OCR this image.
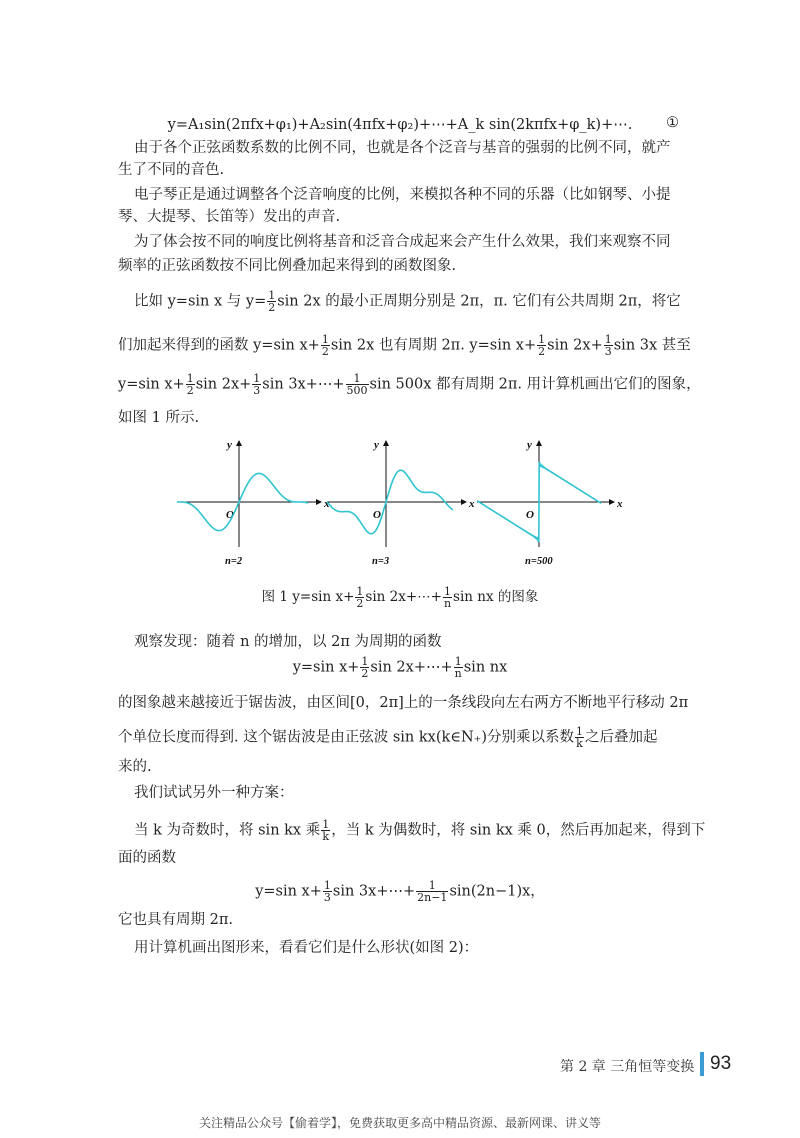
y=A₁sin(2πfx+φ₁)+A₂sin(4πfx+φ₂)+⋯+A_k sin(2kπfx+φ_k)+⋯.	①
由于各个正弦函数系数的比例不同，也就是各个泛音与基音的强弱的比例不同，就产
生了不同的音色.
电子琴正是通过调整各个泛音响度的比例，来模拟各种不同的乐器（比如钢琴、小提
琴、大提琴、长笛等）发出的声音.
为了体会按不同的响度比例将基音和泛音合成起来会产生什么效果，我们来观察不同
频率的正弦函数按不同比例叠加起来得到的函数图象.
比如 y=sin x 与 $y= \frac{1}{2}$ sin 2x 的最小正周期分别是 2π，π. 它们有公共周期 2π，将它
们加起来得到的函数 y=sin $x+ \frac{1}{2}$ sin 2x 也有周期 2π. y=sin $x+ \frac{1}{2}$ $\sin 2x+ \frac{1}{3}$ sin 3x 甚至
y=sin $x+ \frac{1}{2}$ $\sin 2x+ \frac{1}{3}$ sin 3x+⋯+ $\frac{1}{500}$ sin 500x 都有周期 2π. 用计算机画出它们的图象，
如图 1 所示.
y
x
O
n=2
y
x
O
n=3
y
x
O
n=500
图 1 y=sin $x+ \frac{1}{2}$ sin 2x+⋯+ $\frac{1}{n}$ sin nx 的图象
观察发现：随着 n 的增加，以 2π 为周期的函数
y=sin $x+ \frac{1}{2}$ sin 2x+⋯+ $\frac{1}{n}$ sin nx
的图象越来越接近于锯齿波，由区间[0，2π]上的一条线段向左右两方不断地平行移动 2π
个单位长度而得到. 这个锯齿波是由正弦波 sin kx(k∈N₊)分别乘以系数 $\frac{1}{k}$ 之后叠加起
来的.
我们试试另外一种方案：
当 k 为奇数时，将 sin kx 乘 $\frac{1}{k}$ ，当 k 为偶数时，将 sin kx 乘 0，然后再加起来，得到下
面的函数
y=sin $x+ \frac{1}{3}$ sin 3x+⋯+ $\frac{1}{2n-1} \sin(2n-1)x$，
它也具有周期 2π.
用计算机画出图形来，看看它们是什么形状(如图 2)：
第 2 章 三角恒等变换 93
关注精品公众号【偷着学】，免费获取更多高中精品资源、最新网课、讲义等
